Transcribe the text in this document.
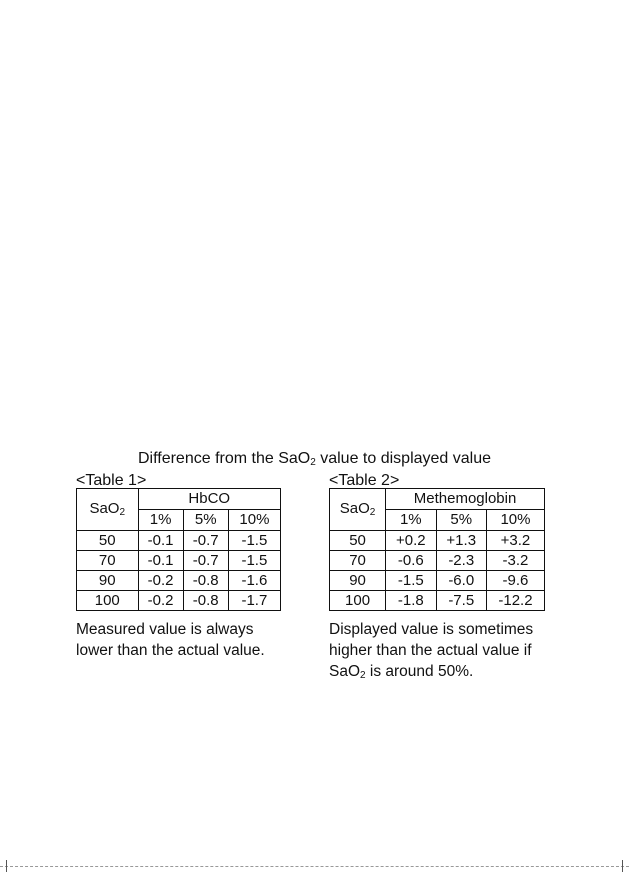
Difference from the SaO2 value to displayed value
<Table 1>
SaO2	HbCO		
	1%	5%	10%
50	-0.1	-0.7	-1.5
70	-0.1	-0.7	-1.5
90	-0.2	-0.8	-1.6
100	-0.2	-0.8	-1.7
Measured value is always
lower than the actual value.
<Table 2>
SaO2	Methemoglobin		
	1%	5%	10%
50	+0.2	+1.3	+3.2
70	-0.6	-2.3	-3.2
90	-1.5	-6.0	-9.6
100	-1.8	-7.5	-12.2
Displayed value is sometimes
higher than the actual value if
SaO2 is around 50%.
